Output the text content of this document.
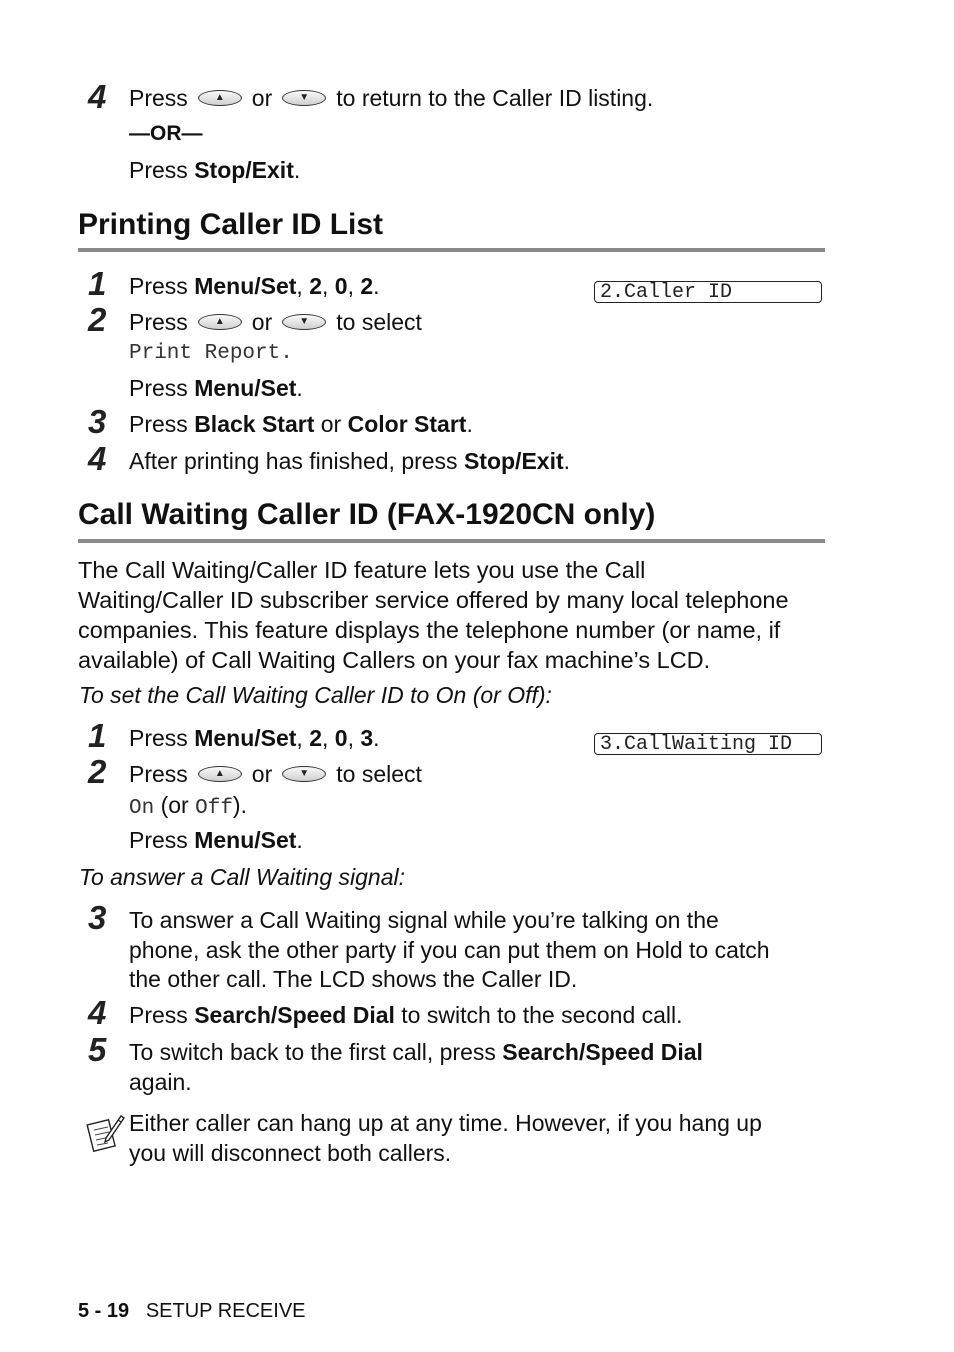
4 Press	▲	or	▼	to return to the Caller ID listing.
—OR—
Press Stop/Exit.
Printing Caller ID List
2.Caller ID
1 Press Menu/Set, 2, 0, 2.
2 Press	▲	or	▼	to select
Print Report.
Press Menu/Set.
3 Press Black Start or Color Start.
4 After printing has finished, press Stop/Exit.
Call Waiting Caller ID (FAX-1920CN only)
The Call Waiting/Caller ID feature lets you use the Call
Waiting/Caller ID subscriber service offered by many local telephone
companies. This feature displays the telephone number (or name, if
available) of Call Waiting Callers on your fax machine’s LCD.
To set the Call Waiting Caller ID to On (or Off):
3.CallWaiting ID
1 Press Menu/Set, 2, 0, 3.
2 Press	▲	or	▼	to select
On (or Off).
Press Menu/Set.
To answer a Call Waiting signal:
3 To answer a Call Waiting signal while you’re talking on the
phone, ask the other party if you can put them on Hold to catch
the other call. The LCD shows the Caller ID.
4 Press Search/Speed Dial to switch to the second call.
5 To switch back to the first call, press Search/Speed Dial
again.
Either caller can hang up at any time. However, if you hang up
you will disconnect both callers.
5 - 19 SETUP RECEIVE
